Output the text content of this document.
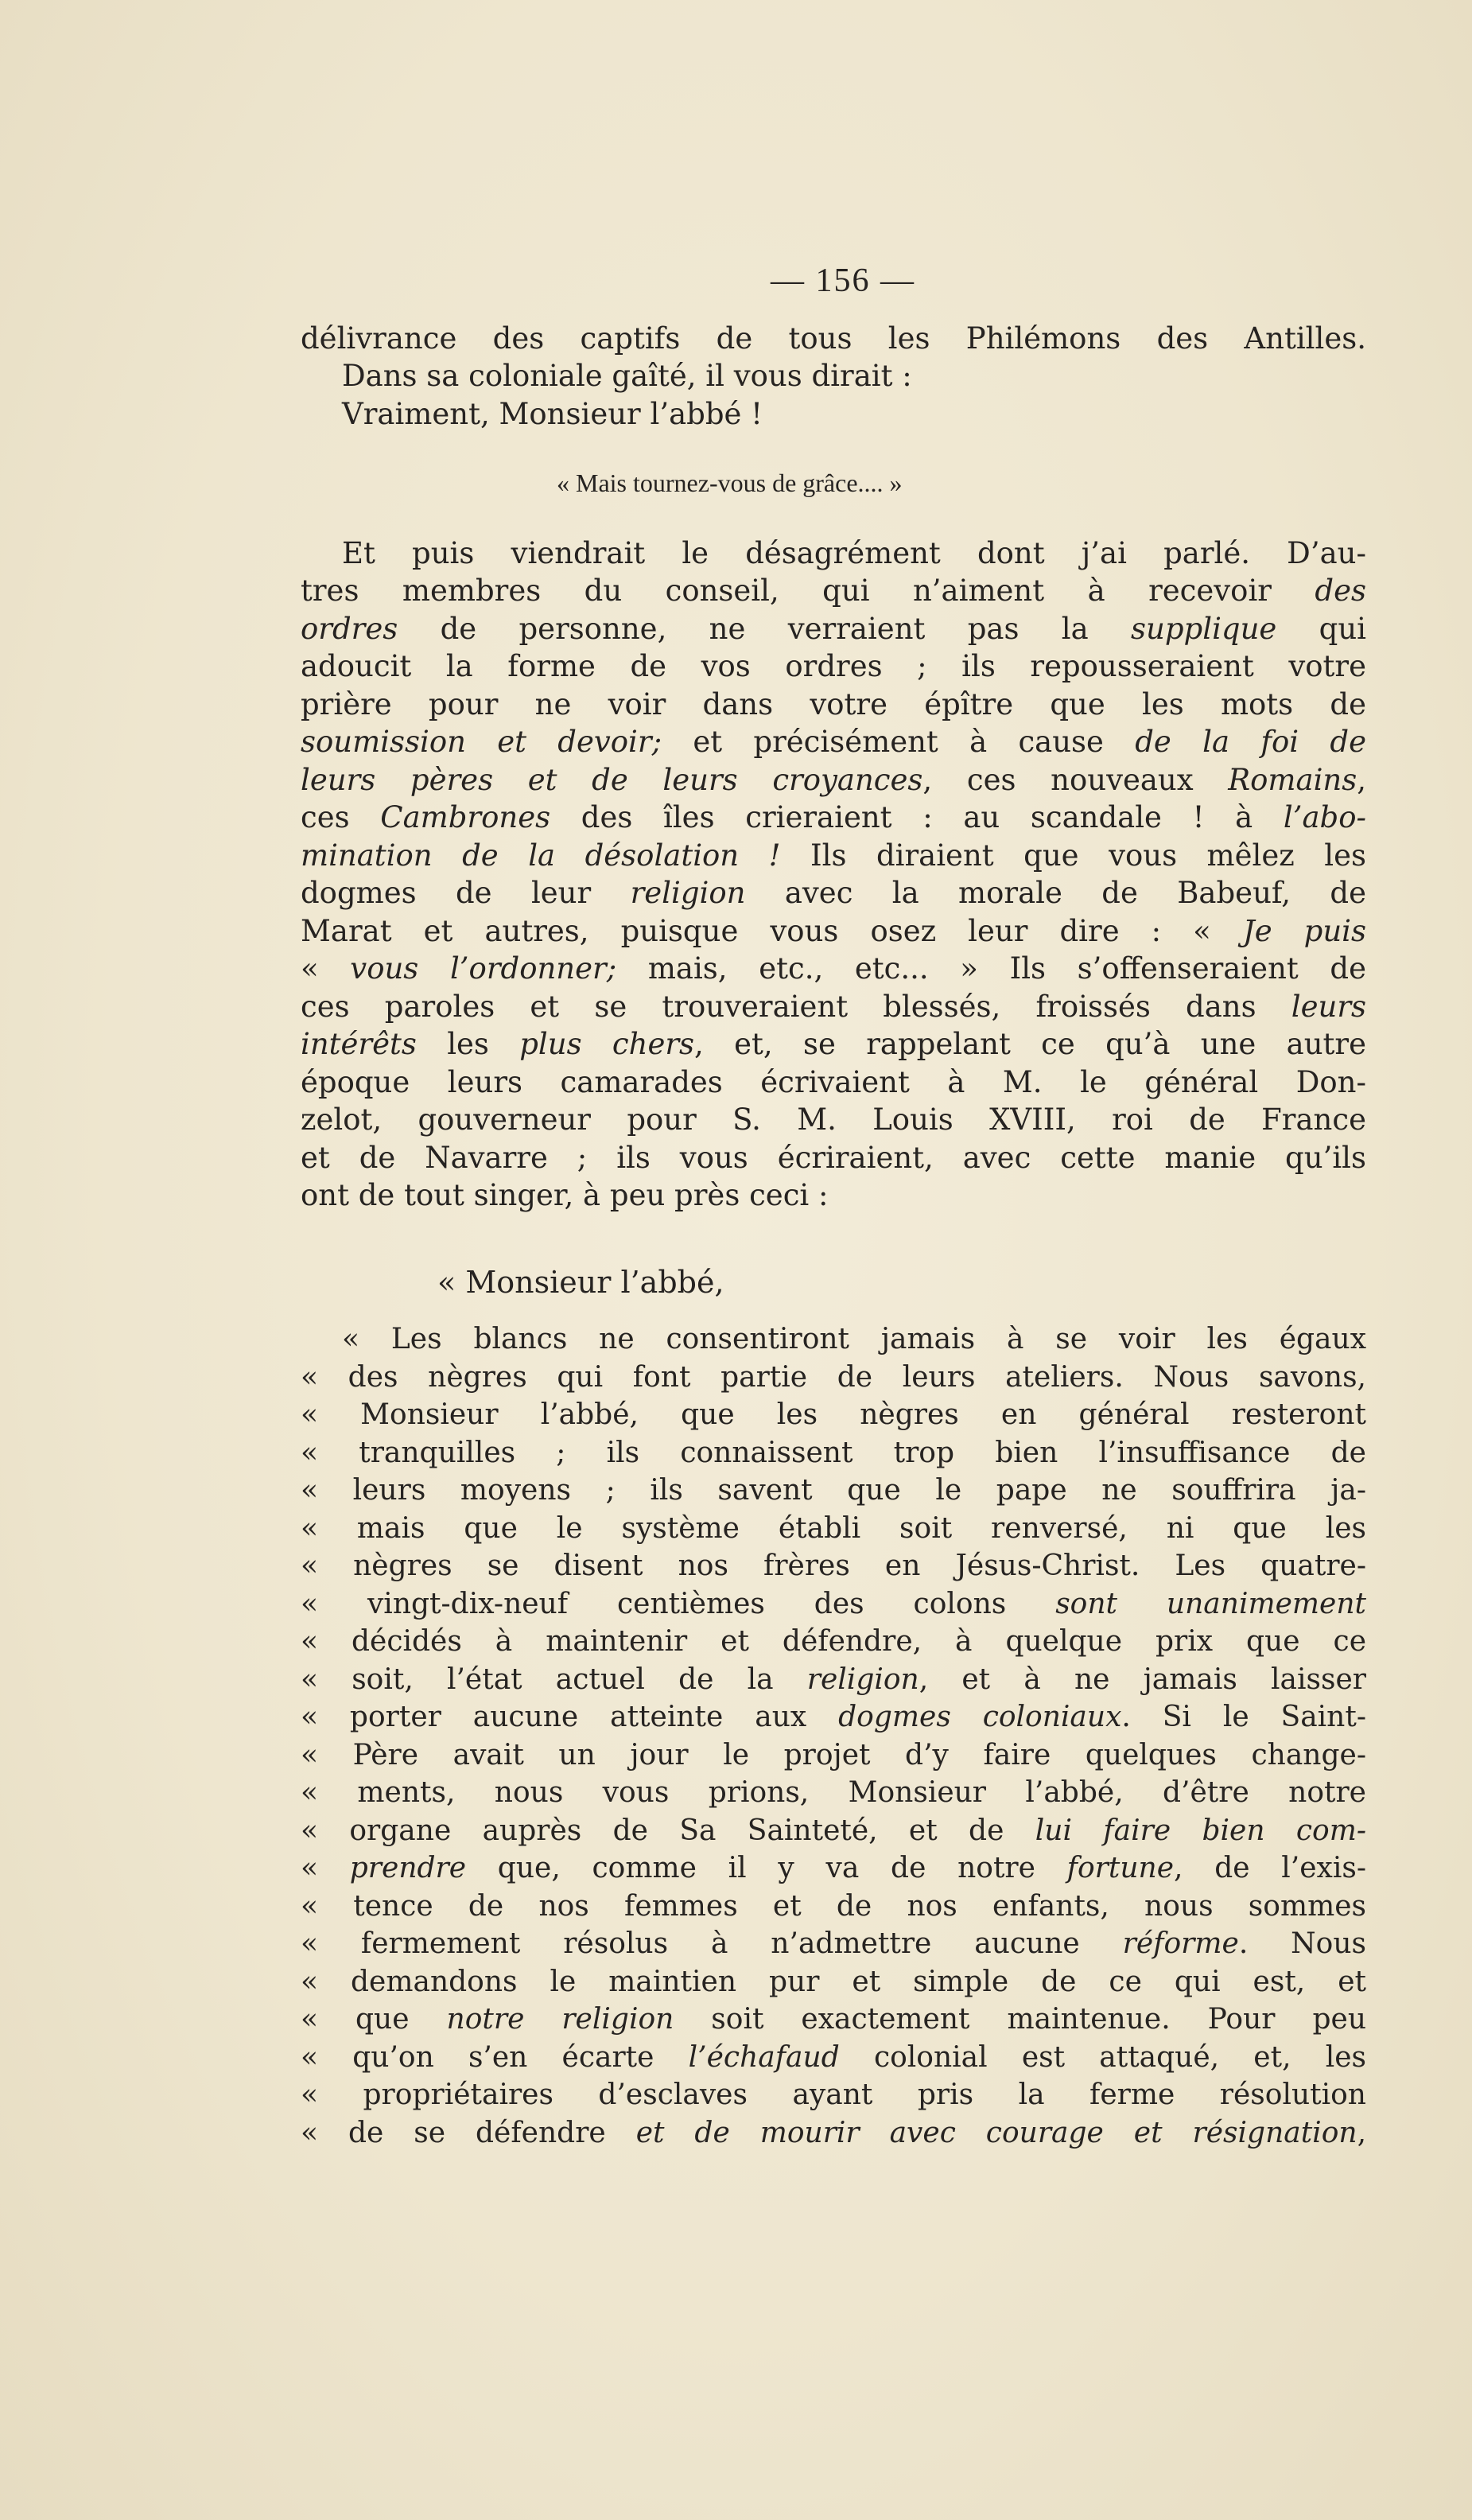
— 156 —
délivrance des captifs de tous les Philémons des Antilles.
Dans sa coloniale gaîté, il vous dirait :
Vraiment, Monsieur l’abbé !
« Mais tournez-vous de grâce.... »
Et puis viendrait le désagrément dont j’ai parlé. D’au-
tres membres du conseil, qui n’aiment à recevoir des
ordres de personne, ne verraient pas la supplique qui
adoucit la forme de vos ordres ; ils repousseraient votre
prière pour ne voir dans votre épître que les mots de
soumission et devoir; et précisément à cause de la foi de
leurs pères et de leurs croyances, ces nouveaux Romains,
ces Cambrones des îles crieraient : au scandale ! à l’abo-
mination de la désolation ! Ils diraient que vous mêlez les
dogmes de leur religion avec la morale de Babeuf, de
Marat et autres, puisque vous osez leur dire : « Je puis
« vous l’ordonner; mais, etc., etc... » Ils s’offenseraient de
ces paroles et se trouveraient blessés, froissés dans leurs
intérêts les plus chers, et, se rappelant ce qu’à une autre
époque leurs camarades écrivaient à M. le général Don-
zelot, gouverneur pour S. M. Louis XVIII, roi de France
et de Navarre ; ils vous écriraient, avec cette manie qu’ils
ont de tout singer, à peu près ceci :
« Monsieur l’abbé,
« Les blancs ne consentiront jamais à se voir les égaux
« des nègres qui font partie de leurs ateliers. Nous savons,
« Monsieur l’abbé, que les nègres en général resteront
« tranquilles ; ils connaissent trop bien l’insuffisance de
« leurs moyens ; ils savent que le pape ne souffrira ja-
« mais que le système établi soit renversé, ni que les
« nègres se disent nos frères en Jésus-Christ. Les quatre-
« vingt-dix-neuf centièmes des colons sont unanimement
« décidés à maintenir et défendre, à quelque prix que ce
« soit, l’état actuel de la religion, et à ne jamais laisser
« porter aucune atteinte aux dogmes coloniaux. Si le Saint-
« Père avait un jour le projet d’y faire quelques change-
« ments, nous vous prions, Monsieur l’abbé, d’être notre
« organe auprès de Sa Sainteté, et de lui faire bien com-
« prendre que, comme il y va de notre fortune, de l’exis-
« tence de nos femmes et de nos enfants, nous sommes
« fermement résolus à n’admettre aucune réforme. Nous
« demandons le maintien pur et simple de ce qui est, et
« que notre religion soit exactement maintenue. Pour peu
« qu’on s’en écarte l’échafaud colonial est attaqué, et, les
« propriétaires d’esclaves ayant pris la ferme résolution
« de se défendre et de mourir avec courage et résignation,
